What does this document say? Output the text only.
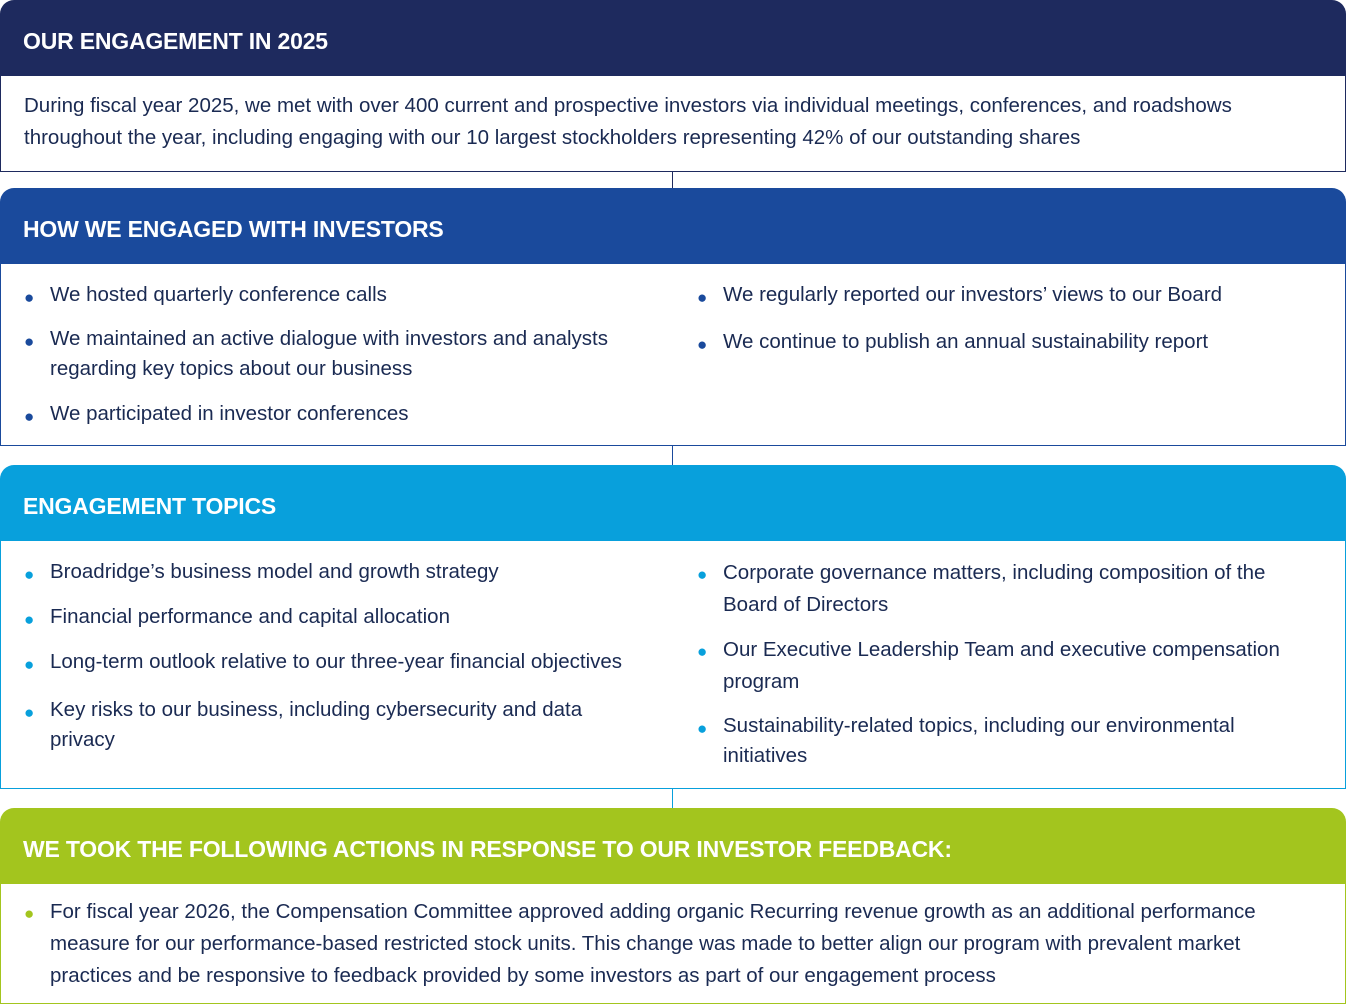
OUR ENGAGEMENT IN 2025

During fiscal year 2025, we met with over 400 current and prospective investors via individual meetings, conferences, and roadshows throughout the year, including engaging with our 10 largest stockholders representing 42% of our outstanding shares

HOW WE ENGAGED WITH INVESTORS
● We hosted quarterly conference calls
● We maintained an active dialogue with investors and analysts regarding key topics about our business
● We participated in investor conferences
● We regularly reported our investors’ views to our Board
● We continue to publish an annual sustainability report
ENGAGEMENT TOPICS
● Broadridge’s business model and growth strategy
● Financial performance and capital allocation
● Long-term outlook relative to our three-year financial objectives
● Key risks to our business, including cybersecurity and data privacy
● Corporate governance matters, including composition of the Board of Directors
● Our Executive Leadership Team and executive compensation program
● Sustainability-related topics, including our environmental initiatives
WE TOOK THE FOLLOWING ACTIONS IN RESPONSE TO OUR INVESTOR FEEDBACK:
● For fiscal year 2026, the Compensation Committee approved adding organic Recurring revenue growth as an additional performance measure for our performance-based restricted stock units. This change was made to better align our program with prevalent market practices and be responsive to feedback provided by some investors as part of our engagement process
